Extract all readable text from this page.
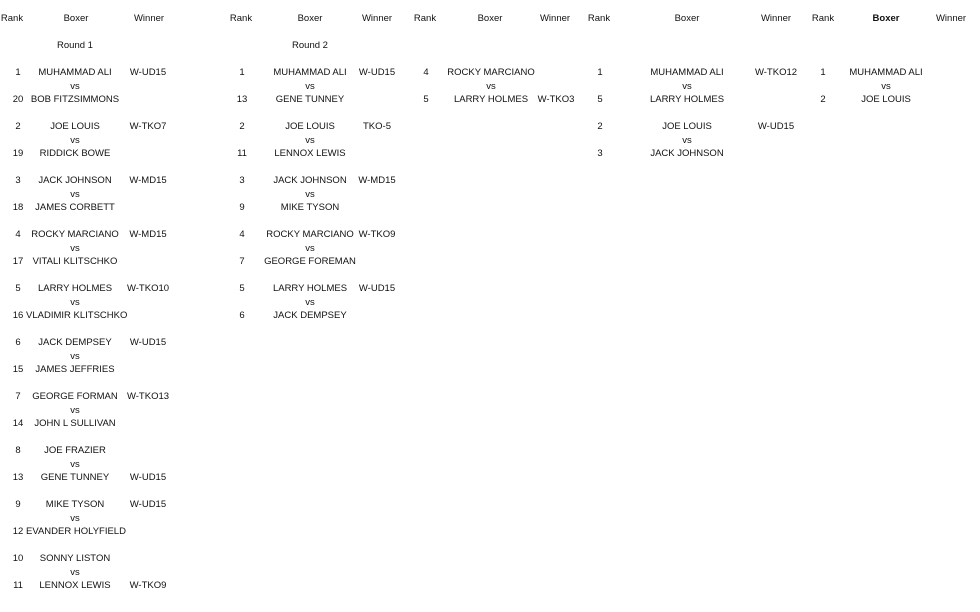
Rank	Boxer	Winner	Rank	Boxer	Winner	Rank	Boxer	Winner	Rank	Boxer	Winner	Rank	Boxer	Winner
Round 1	Round 2
1	MUHAMMAD ALI	W-UD15
vs
20 BOB FITZSIMMONS
2	JOE LOUIS	W-TKO7
vs
19	RIDDICK BOWE
3	JACK JOHNSON	W-MD15
vs
18	JAMES CORBETT
4	ROCKY MARCIANO	W-MD15
vs
17 VITALI KLITSCHKO
5	LARRY HOLMES	W-TKO10
vs
16 VLADIMIR KLITSCHKO
6	JACK DEMPSEY	W-UD15
vs
15	JAMES JEFFRIES
7	GEORGE FORMAN W-TKO13
vs
14	JOHN L SULLIVAN
8	JOE FRAZIER
vs
13	GENE TUNNEY	W-UD15
9	MIKE TYSON	W-UD15
vs
12 EVANDER HOLYFIELD
10	SONNY LISTON
vs
11	LENNOX LEWIS	W-TKO9
1	MUHAMMAD ALI	W-UD15
vs
13	GENE TUNNEY
2	JOE LOUIS	TKO-5
vs
11	LENNOX LEWIS
3	JACK JOHNSON	W-MD15
vs
9	MIKE TYSON
4	ROCKY MARCIANO W-TKO9
vs
7	GEORGE FOREMAN
5	LARRY HOLMES	W-UD15
vs
6	JACK DEMPSEY
4	ROCKY MARCIANO
vs
5	LARRY HOLMES	W-TKO3
1	MUHAMMAD ALI	W-TKO12
vs
5	LARRY HOLMES
2	JOE LOUIS	W-UD15
vs
3	JACK JOHNSON
1	MUHAMMAD ALI
vs
2	JOE LOUIS
